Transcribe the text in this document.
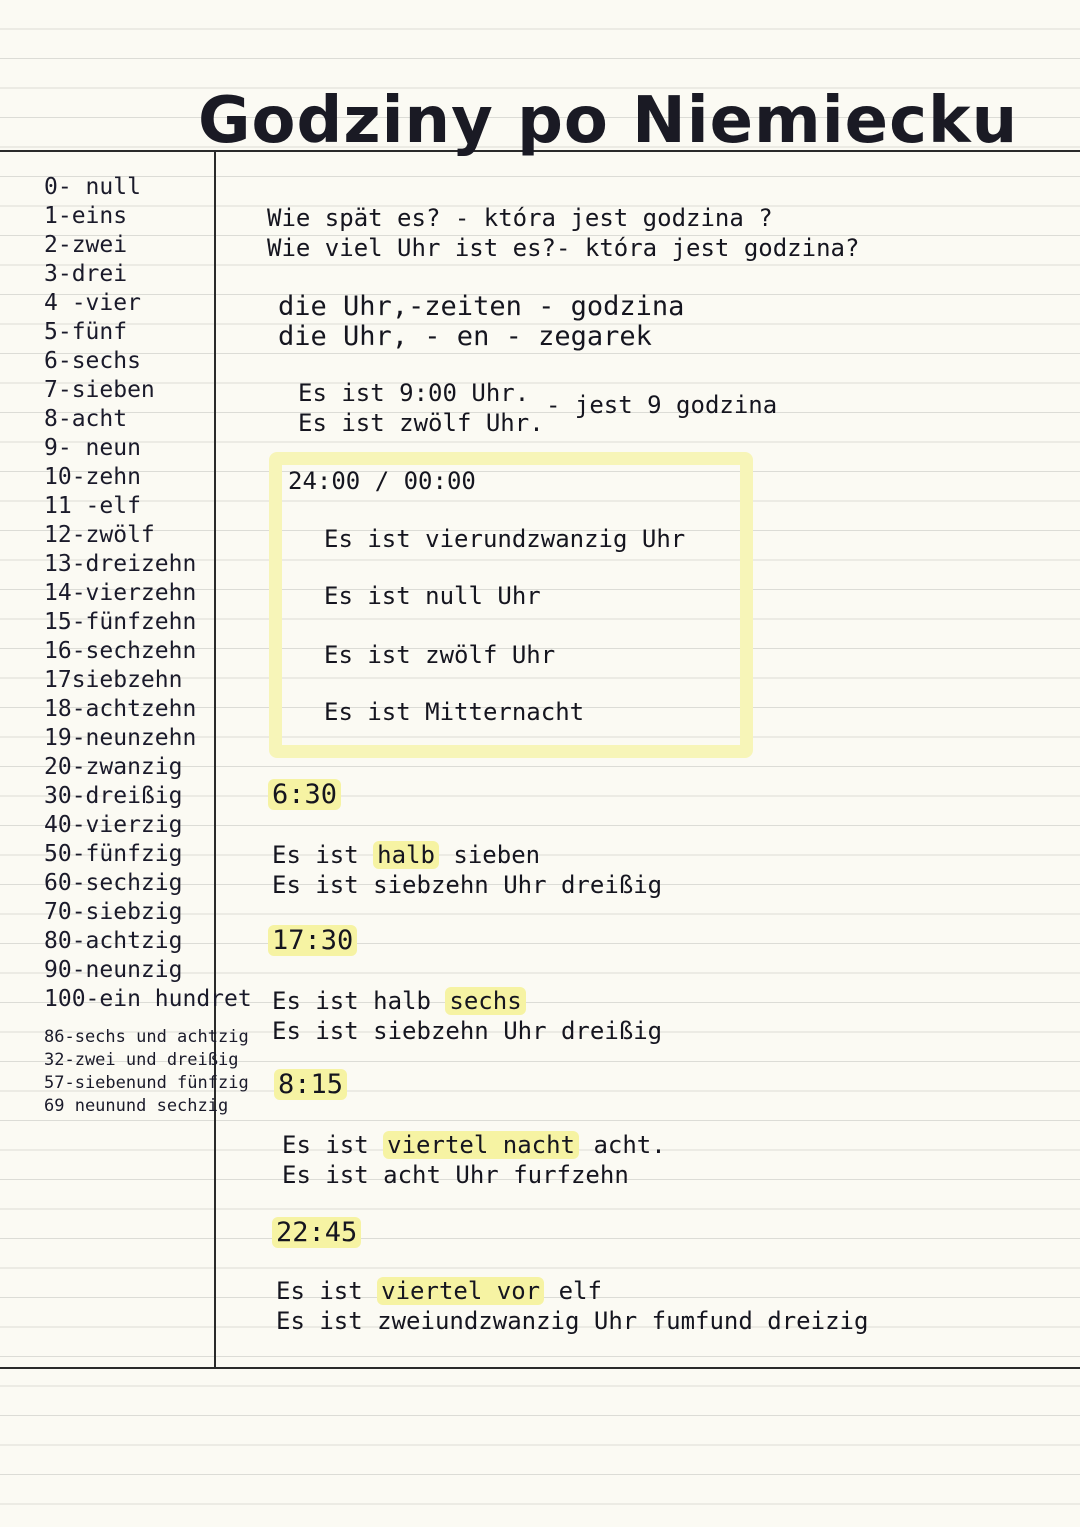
Godziny po Niemiecku

0- null

1-eins

2-zwei

3-drei

4 -vier

5-fünf

6-sechs

7-sieben

8-acht

9- neun

10-zehn

11 -elf

12-zwölf

13-dreizehn

14-vierzehn

15-fünfzehn

16-sechzehn

17siebzehn

18-achtzehn

19-neunzehn

20-zwanzig

30-dreißig

40-vierzig

50-fünfzig

60-sechzig

70-siebzig

80-achtzig

90-neunzig

100-ein hundret

86-sechs und achtzig

32-zwei und dreißig

57-siebenund fünfzig

69 neunund sechzig

Wie spät es? - która jest godzina ?

Wie viel Uhr ist es?- która jest godzina?

die Uhr,-zeiten - godzina

die Uhr, - en - zegarek

Es ist 9:00 Uhr.

Es ist zwölf Uhr.

- jest 9 godzina

24:00 / 00:00

Es ist vierundzwanzig Uhr

Es ist null Uhr

Es ist zwölf Uhr

Es ist Mitternacht

6:30

Es ist halb sieben

Es ist siebzehn Uhr dreißig

17:30

Es ist halb sechs

Es ist siebzehn Uhr dreißig

8:15

Es ist viertel nacht acht.

Es ist acht Uhr furfzehn

22:45

Es ist viertel vor elf

Es ist zweiundzwanzig Uhr fumfund dreizig
